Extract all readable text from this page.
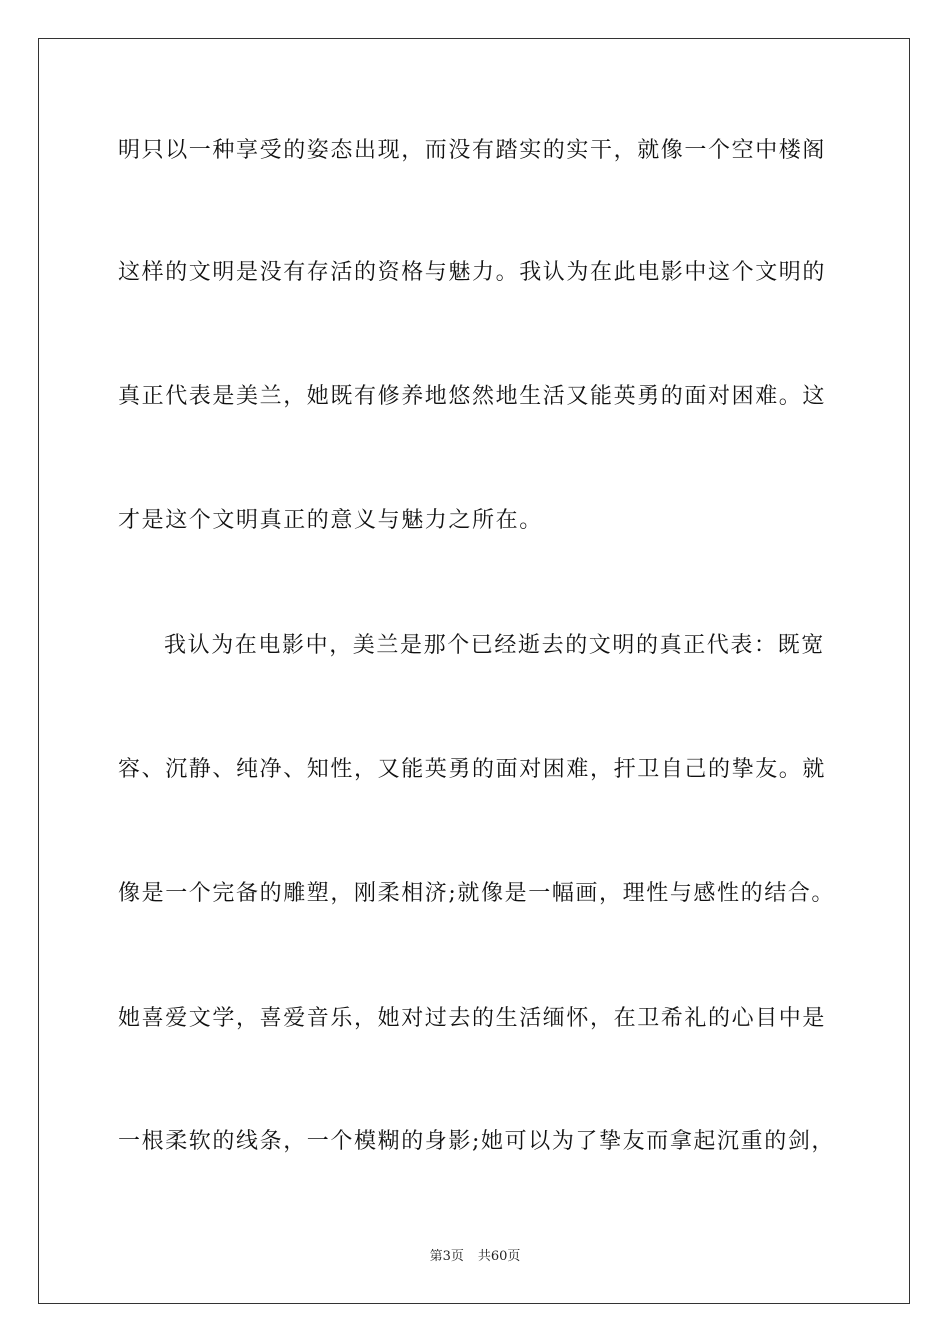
明只以一种享受的姿态出现，而没有踏实的实干，就像一个空中楼阁
这样的文明是没有存活的资格与魅力。我认为在此电影中这个文明的
真正代表是美兰，她既有修养地悠然地生活又能英勇的面对困难。这
才是这个文明真正的意义与魅力之所在。
我认为在电影中，美兰是那个已经逝去的文明的真正代表：既宽
容、沉静、纯净、知性，又能英勇的面对困难，扞卫自己的挚友。就
像是一个完备的雕塑，刚柔相济;就像是一幅画，理性与感性的结合。
她喜爱文学，喜爱音乐，她对过去的生活缅怀，在卫希礼的心目中是
一根柔软的线条，一个模糊的身影;她可以为了挚友而拿起沉重的剑，
第3页 共60页
